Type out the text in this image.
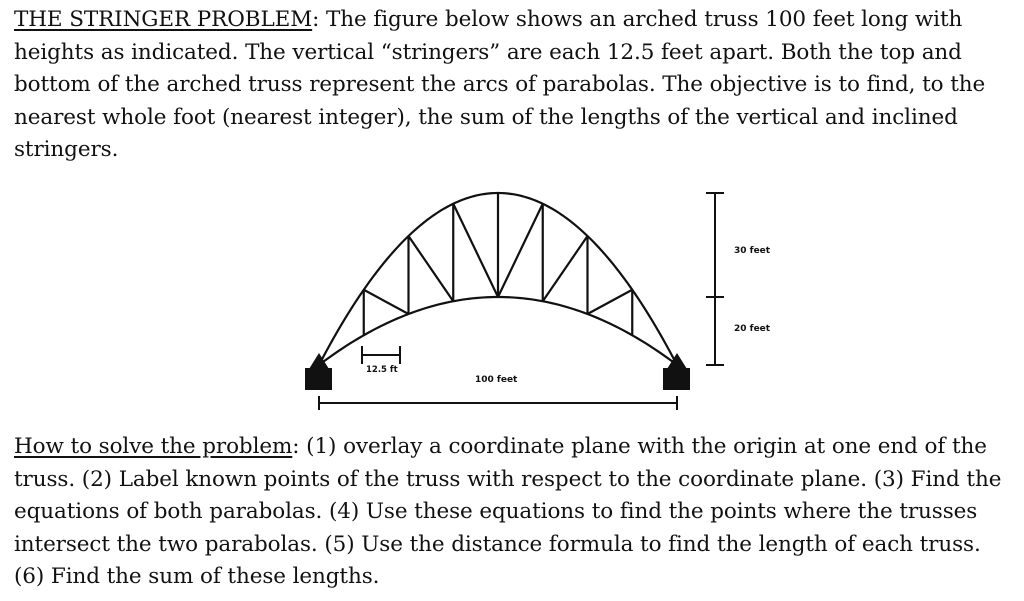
THE STRINGER PROBLEM: The figure below shows an arched truss 100 feet long with heights as indicated. The vertical “stringers” are each 12.5 feet apart. Both the top and bottom of the arched truss represent the arcs of parabolas. The objective is to find, to the nearest whole foot (nearest integer), the sum of the lengths of the vertical and inclined stringers.

30 feet
20 feet
12.5 ft
100 feet

How to solve the problem: (1) overlay a coordinate plane with the origin at one end of the truss. (2) Label known points of the truss with respect to the coordinate plane. (3) Find the equations of both parabolas. (4) Use these equations to find the points where the trusses intersect the two parabolas. (5) Use the distance formula to find the length of each truss. (6) Find the sum of these lengths.
